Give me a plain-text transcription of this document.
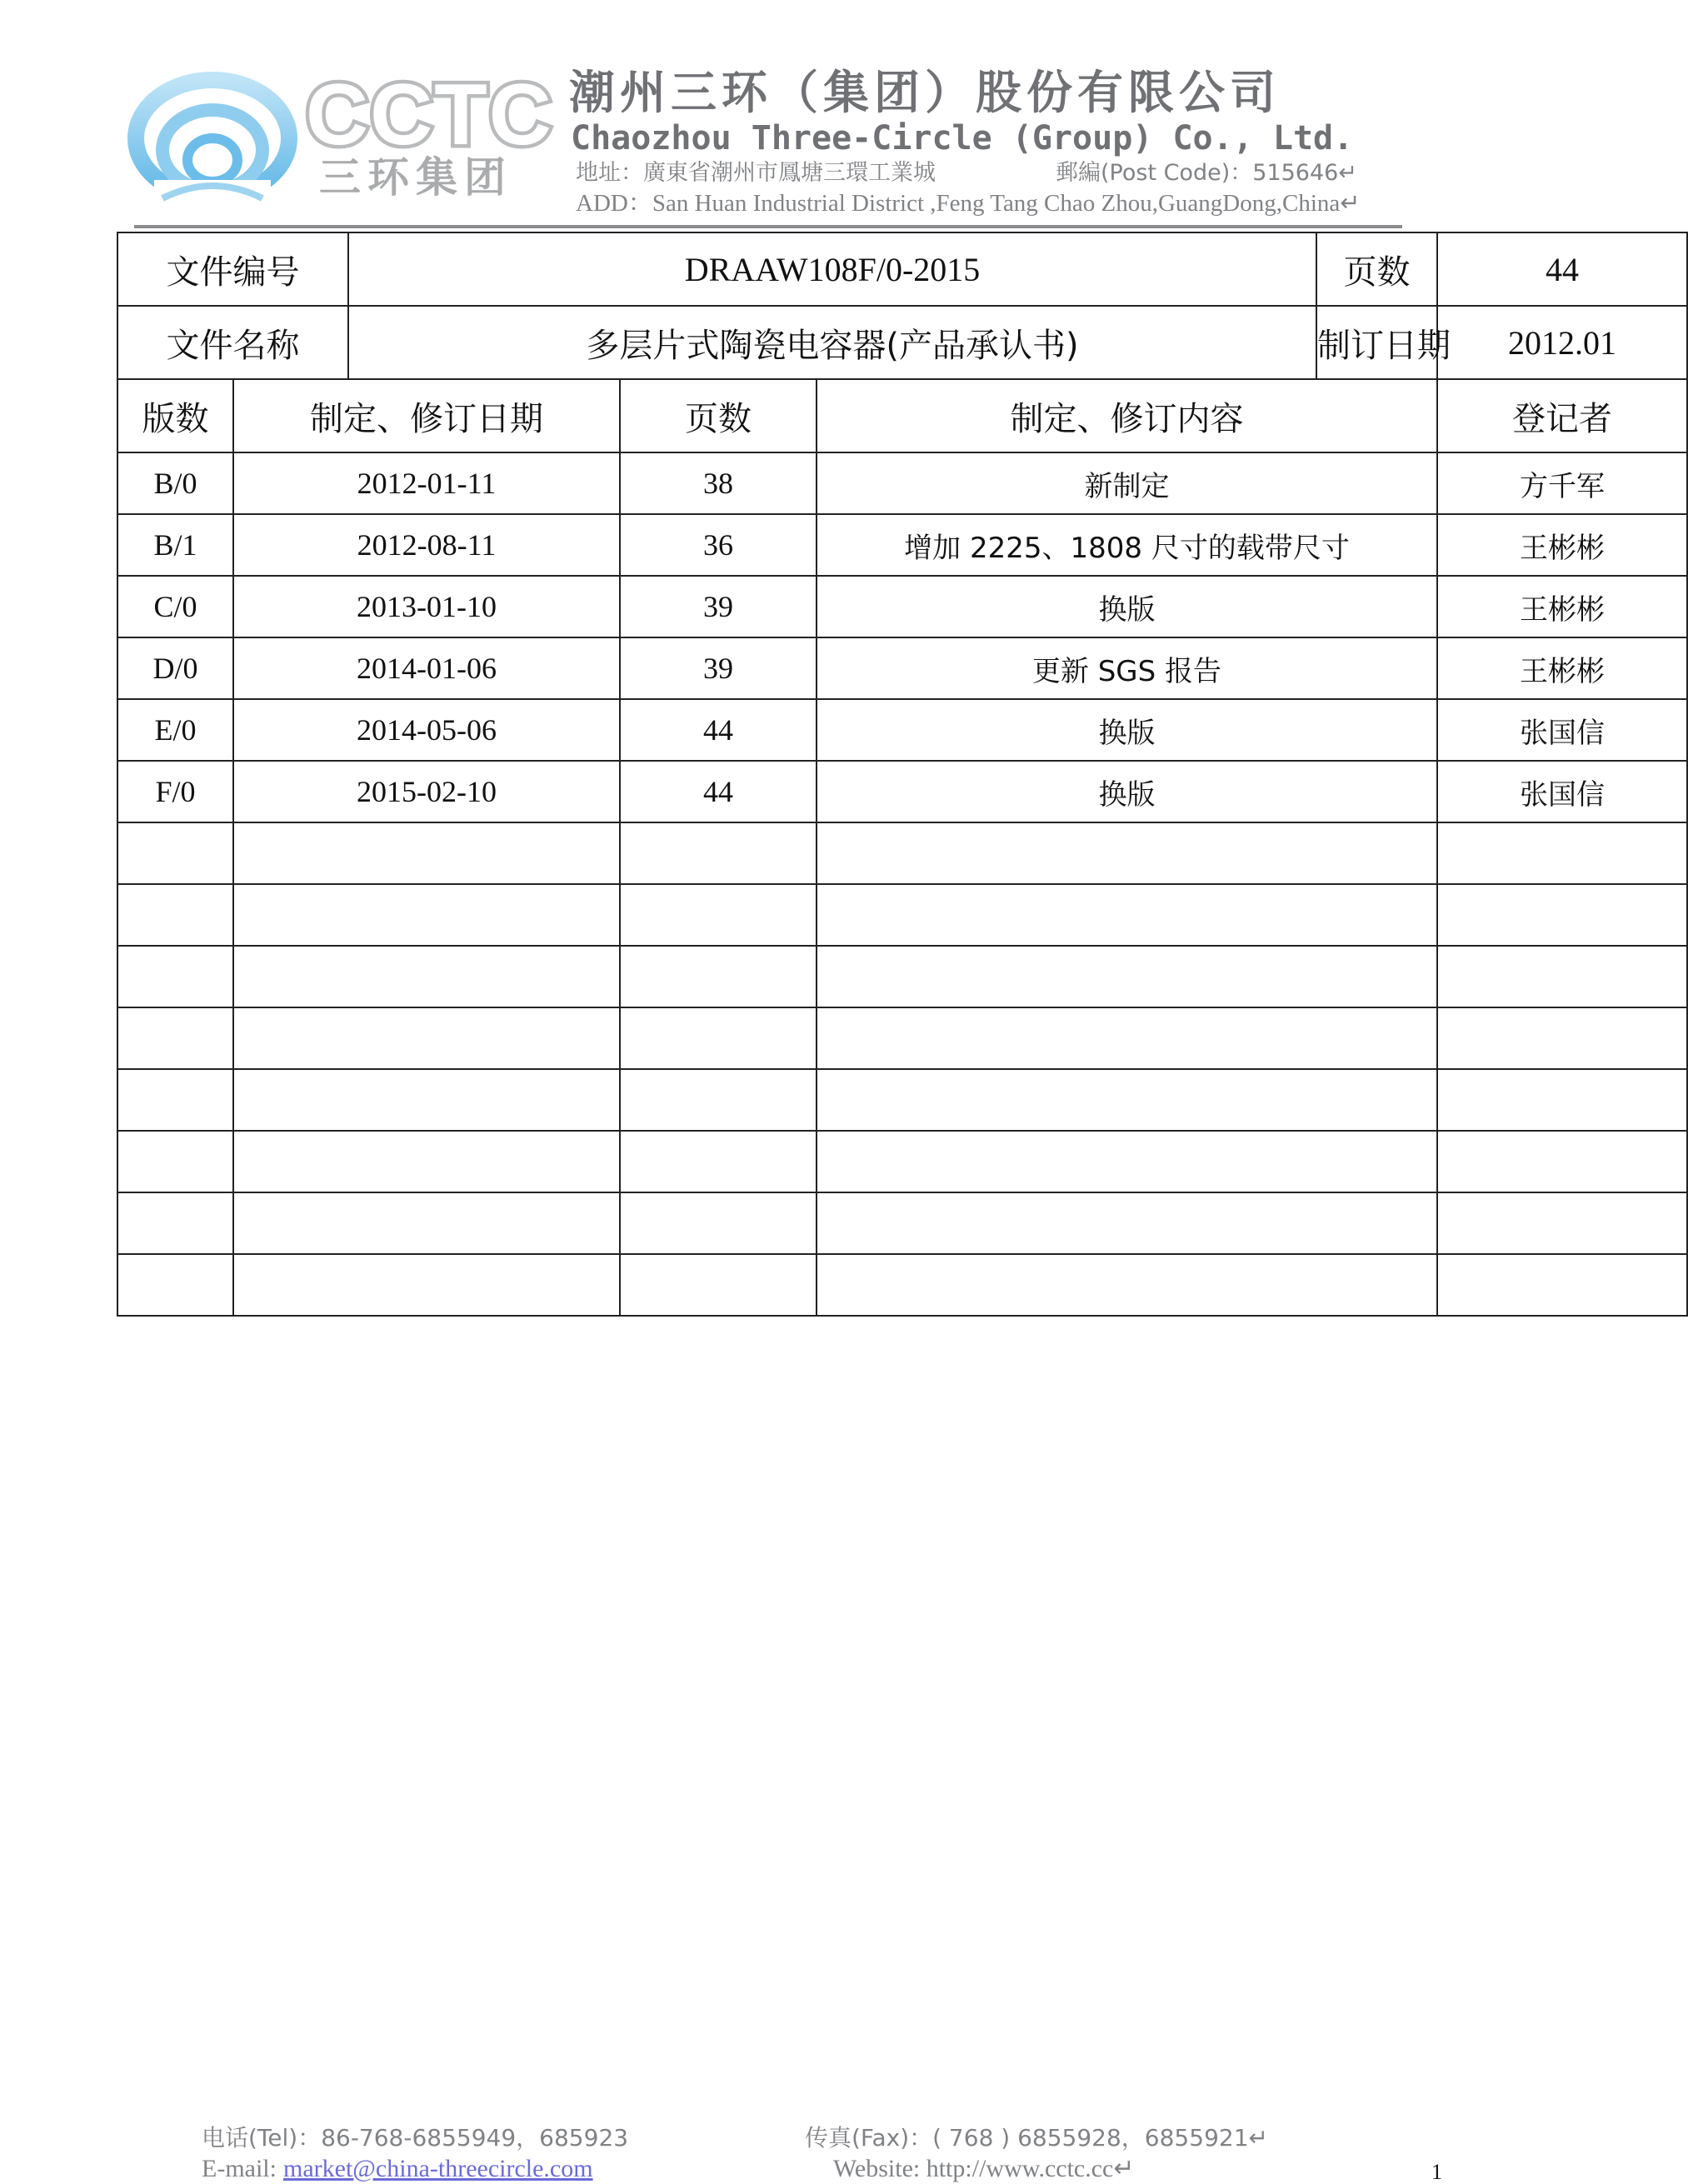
CCTC
三环集团
潮州三环（集团）股份有限公司
Chaozhou Three-Circle (Group) Co., Ltd.
地址：廣東省潮州市鳳塘三環工業城	郵編(Post Code)：515646↵
ADD：San Huan Industrial District ,Feng Tang Chao Zhou,GuangDong,China↵
文件编号		DRAAW108F/0-2015			页数	44
文件名称		多层片式陶瓷电容器(产品承认书)			制订日期	2012.01
版数	制定、修订日期		页数	制定、修订内容		登记者
B/0	2012-01-11		38	新制定		方千军
B/1	2012-08-11		36	增加 2225、1808 尺寸的载带尺寸		王彬彬
C/0	2013-01-10		39	换版		王彬彬
D/0	2014-01-06		39	更新 SGS 报告		王彬彬
E/0	2014-05-06		44	换版		张国信
F/0	2015-02-10		44	换版		张国信

电话(Tel)：86-768-6855949，685923	传真(Fax)：( 768 ) 6855928，6855921↵
E-mail: market@china-threecircle.com	Website: http://www.cctc.cc↵	1
